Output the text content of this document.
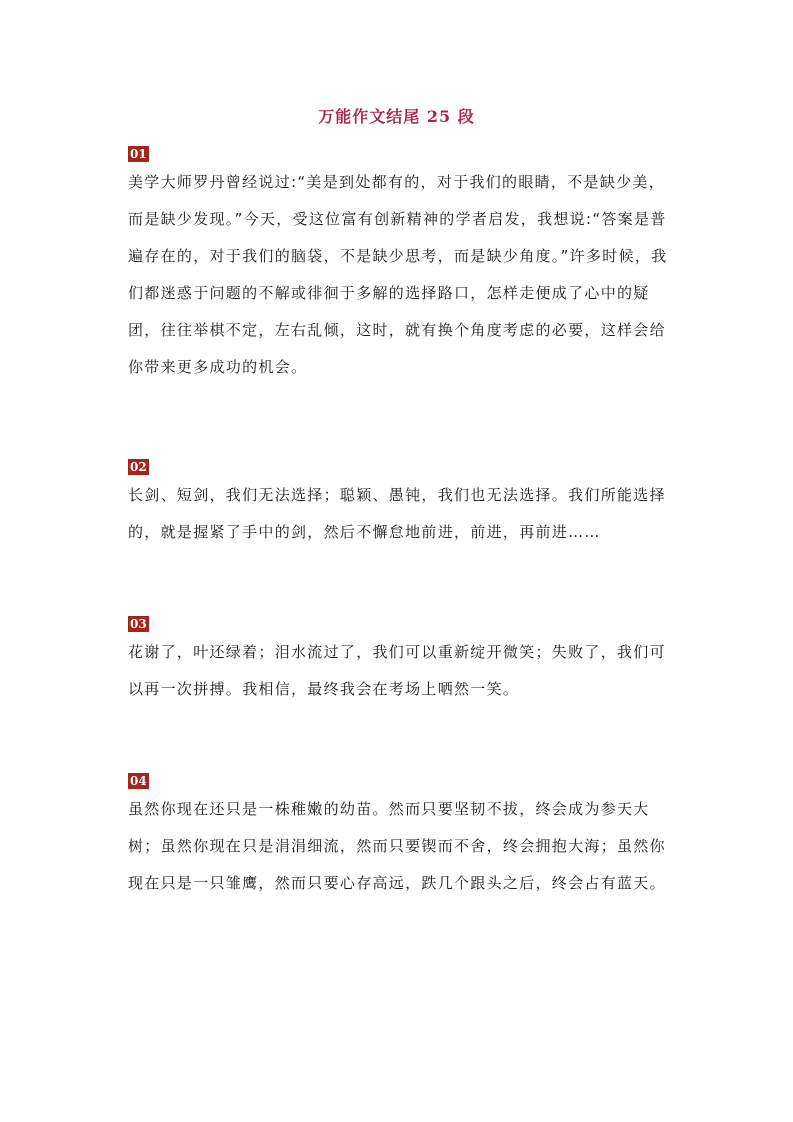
万能作文结尾 25 段
01

美学大师罗丹曾经说过:“美是到处都有的，对于我们的眼睛，不是缺少美，而是缺少发现。”今天，受这位富有创新精神的学者启发，我想说:“答案是普遍存在的，对于我们的脑袋，不是缺少思考，而是缺少角度。”许多时候，我们都迷惑于问题的不解或徘徊于多解的选择路口，怎样走便成了心中的疑团，往往举棋不定，左右乱倾，这时，就有换个角度考虑的必要，这样会给你带来更多成功的机会。

02

长剑、短剑，我们无法选择；聪颖、愚钝，我们也无法选择。我们所能选择的，就是握紧了手中的剑，然后不懈怠地前进，前进，再前进……

03

花谢了，叶还绿着；泪水流过了，我们可以重新绽开微笑；失败了，我们可以再一次拼搏。我相信，最终我会在考场上哂然一笑。

04

虽然你现在还只是一株稚嫩的幼苗。然而只要坚韧不拔，终会成为参天大树；虽然你现在只是涓涓细流，然而只要锲而不舍，终会拥抱大海；虽然你现在只是一只雏鹰，然而只要心存高远，跌几个跟头之后，终会占有蓝天。
